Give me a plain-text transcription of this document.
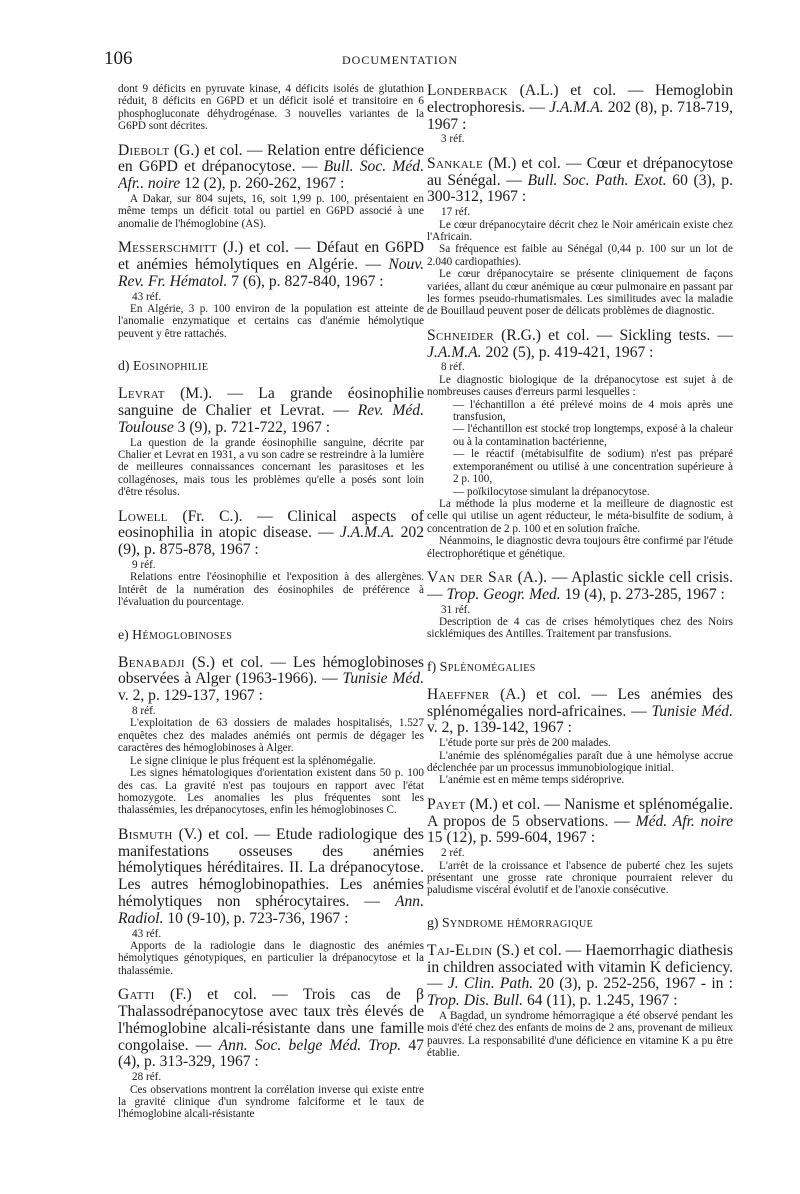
106	DOCUMENTATION

dont 9 déficits en pyruvate kinase, 4 déficits isolés de glutathion réduit, 8 déficits en G6PD et un déficit isolé et transitoire en 6 phosphogluconate déhydrogénase. 3 nouvelles variantes de la G6PD sont décrites.

Diebolt (G.) et col. — Relation entre déficience en G6PD et drépanocytose. — Bull. Soc. Méd. Afr.. noire 12 (2), p. 260-262, 1967 :

A Dakar, sur 804 sujets, 16, soit 1,99 p. 100, présentaient en même temps un déficit total ou partiel en G6PD associé à une anomalie de l'hémoglobine (AS).

Messerschmitt (J.) et col. — Défaut en G6PD et anémies hémolytiques en Algérie. — Nouv. Rev. Fr. Hématol. 7 (6), p. 827-840, 1967 :

43 réf.

En Algérie, 3 p. 100 environ de la population est atteinte de l'anomalie enzymatique et certains cas d'anémie hémolytique peuvent y être rattachés.

d) Eosinophilie

Levrat (M.). — La grande éosinophilie sanguine de Chalier et Levrat. — Rev. Méd. Toulouse 3 (9), p. 721-722, 1967 :

La question de la grande éosinophilie sanguine, décrite par Chalier et Levrat en 1931, a vu son cadre se restreindre à la lumière de meilleures connaissances concernant les parasitoses et les collagénoses, mais tous les problèmes qu'elle a posés sont loin d'être résolus.

Lowell (Fr. C.). — Clinical aspects of eosinophilia in atopic disease. — J.A.M.A. 202 (9), p. 875-878, 1967 :

9 réf.

Relations entre l'éosinophilie et l'exposition à des allergènes. Intérêt de la numération des éosinophiles de préférence à l'évaluation du pourcentage.

e) Hémoglobinoses

Benabadji (S.) et col. — Les hémoglobinoses observées à Alger (1963-1966). — Tunisie Méd. v. 2, p. 129-137, 1967 :

8 réf.

L'exploitation de 63 dossiers de malades hospitalisés, 1.527 enquêtes chez des malades anémiés ont permis de dégager les caractères des hémoglobinoses à Alger.

Le signe clinique le plus fréquent est la splénomégalie.

Les signes hématologiques d'orientation existent dans 50 p. 100 des cas. La gravité n'est pas toujours en rapport avec l'état homozygote. Les anomalies les plus fréquentes sont les thalassémies, les drépanocytoses, enfin les hémoglobinoses C.

Bismuth (V.) et col. — Etude radiologique des manifestations osseuses des anémies hémolytiques héréditaires. II. La drépanocytose. Les autres hémoglobinopathies. Les anémies hémolytiques non sphérocytaires. — Ann. Radiol. 10 (9-10), p. 723-736, 1967 :

43 réf.

Apports de la radiologie dans le diagnostic des anémies hémolytiques génotypiques, en particulier la drépanocytose et la thalassémie.

Gatti (F.) et col. — Trois cas de β Thalassodrépanocytose avec taux très élevés de l'hémoglobine alcali-résistante dans une famille congolaise. — Ann. Soc. belge Méd. Trop. 47 (4), p. 313-329, 1967 :

28 réf.

Ces observations montrent la corrélation inverse qui existe entre la gravité clinique d'un syndrome falciforme et le taux de l'hémoglobine alcali-résistante

Londerback (A.L.) et col. — Hemoglobin electrophoresis. — J.A.M.A. 202 (8), p. 718-719, 1967 :

3 réf.

Sankale (M.) et col. — Cœur et drépanocytose au Sénégal. — Bull. Soc. Path. Exot. 60 (3), p. 300-312, 1967 :

17 réf.

Le cœur drépanocytaire décrit chez le Noir américain existe chez l'Africain.

Sa fréquence est faible au Sénégal (0,44 p. 100 sur un lot de 2.040 cardiopathies).

Le cœur drépanocytaire se présente cliniquement de façons variées, allant du cœur anémique au cœur pulmonaire en passant par les formes pseudo-rhumatismales. Les similitudes avec la maladie de Bouillaud peuvent poser de délicats problèmes de diagnostic.

Schneider (R.G.) et col. — Sickling tests. — J.A.M.A. 202 (5), p. 419-421, 1967 :

8 réf.

Le diagnostic biologique de la drépanocytose est sujet à de nombreuses causes d'erreurs parmi lesquelles :

— l'échantillon a été prélevé moins de 4 mois après une transfusion,

— l'échantillon est stocké trop longtemps, exposé à la chaleur ou à la contamination bactérienne,

— le réactif (métabisulfite de sodium) n'est pas préparé extemporanément ou utilisé à une concentration supérieure à 2 p. 100,

— poïkilocytose simulant la drépanocytose.

La méthode la plus moderne et la meilleure de diagnostic est celle qui utilise un agent réducteur, le méta-bisulfite de sodium, à concentration de 2 p. 100 et en solution fraîche.

Néanmoins, le diagnostic devra toujours être confirmé par l'étude électrophorétique et génétique.

Van der Sar (A.). — Aplastic sickle cell crisis. — Trop. Geogr. Med. 19 (4), p. 273-285, 1967 :

31 réf.

Description de 4 cas de crises hémolytiques chez des Noirs sicklémiques des Antilles. Traitement par transfusions.

f) Splénomégalies

Haeffner (A.) et col. — Les anémies des splénomégalies nord-africaines. — Tunisie Méd. v. 2, p. 139-142, 1967 :

L'étude porte sur près de 200 malades.

L'anémie des splénomégalies paraît due à une hémolyse accrue déclenchée par un processus immunobiologique initial.

L'anémie est en même temps sidéroprive.

Payet (M.) et col. — Nanisme et splénomégalie. A propos de 5 observations. — Méd. Afr. noire 15 (12), p. 599-604, 1967 :

2 réf.

L'arrêt de la croissance et l'absence de puberté chez les sujets présentant une grosse rate chronique pourraient relever du paludisme viscéral évolutif et de l'anoxie consécutive.

g) Syndrome hémorragique

Taj-Eldin (S.) et col. — Haemorrhagic diathesis in children associated with vitamin K deficiency. — J. Clin. Path. 20 (3), p. 252-256, 1967 - in : Trop. Dis. Bull. 64 (11), p. 1.245, 1967 :

A Bagdad, un syndrome hémorragique a été observé pendant les mois d'été chez des enfants de moins de 2 ans, provenant de milieux pauvres. La responsabilité d'une déficience en vitamine K a pu être établie.
